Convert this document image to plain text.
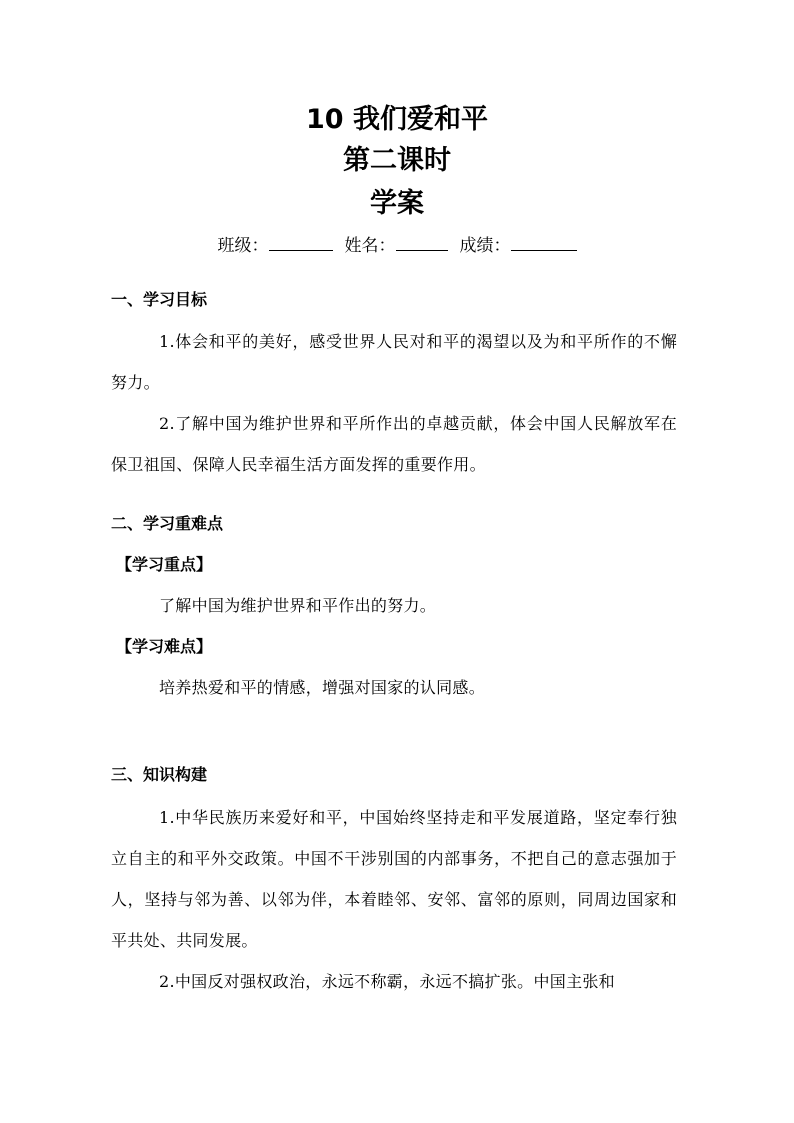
10 我们爱和平
第二课时
学案
班级：	姓名：	成绩：
一、学习目标

1.体会和平的美好，感受世界人民对和平的渴望以及为和平所作的不懈努力。

2.了解中国为维护世界和平所作出的卓越贡献，体会中国人民解放军在保卫祖国、保障人民幸福生活方面发挥的重要作用。

二、学习重难点
【学习重点】

了解中国为维护世界和平作出的努力。

【学习难点】

培养热爱和平的情感，增强对国家的认同感。

三、知识构建

1.中华民族历来爱好和平，中国始终坚持走和平发展道路，坚定奉行独立自主的和平外交政策。中国不干涉别国的内部事务，不把自己的意志强加于人，坚持与邻为善、以邻为伴，本着睦邻、安邻、富邻的原则，同周边国家和平共处、共同发展。

2.中国反对强权政治，永远不称霸，永远不搞扩张。中国主张和
